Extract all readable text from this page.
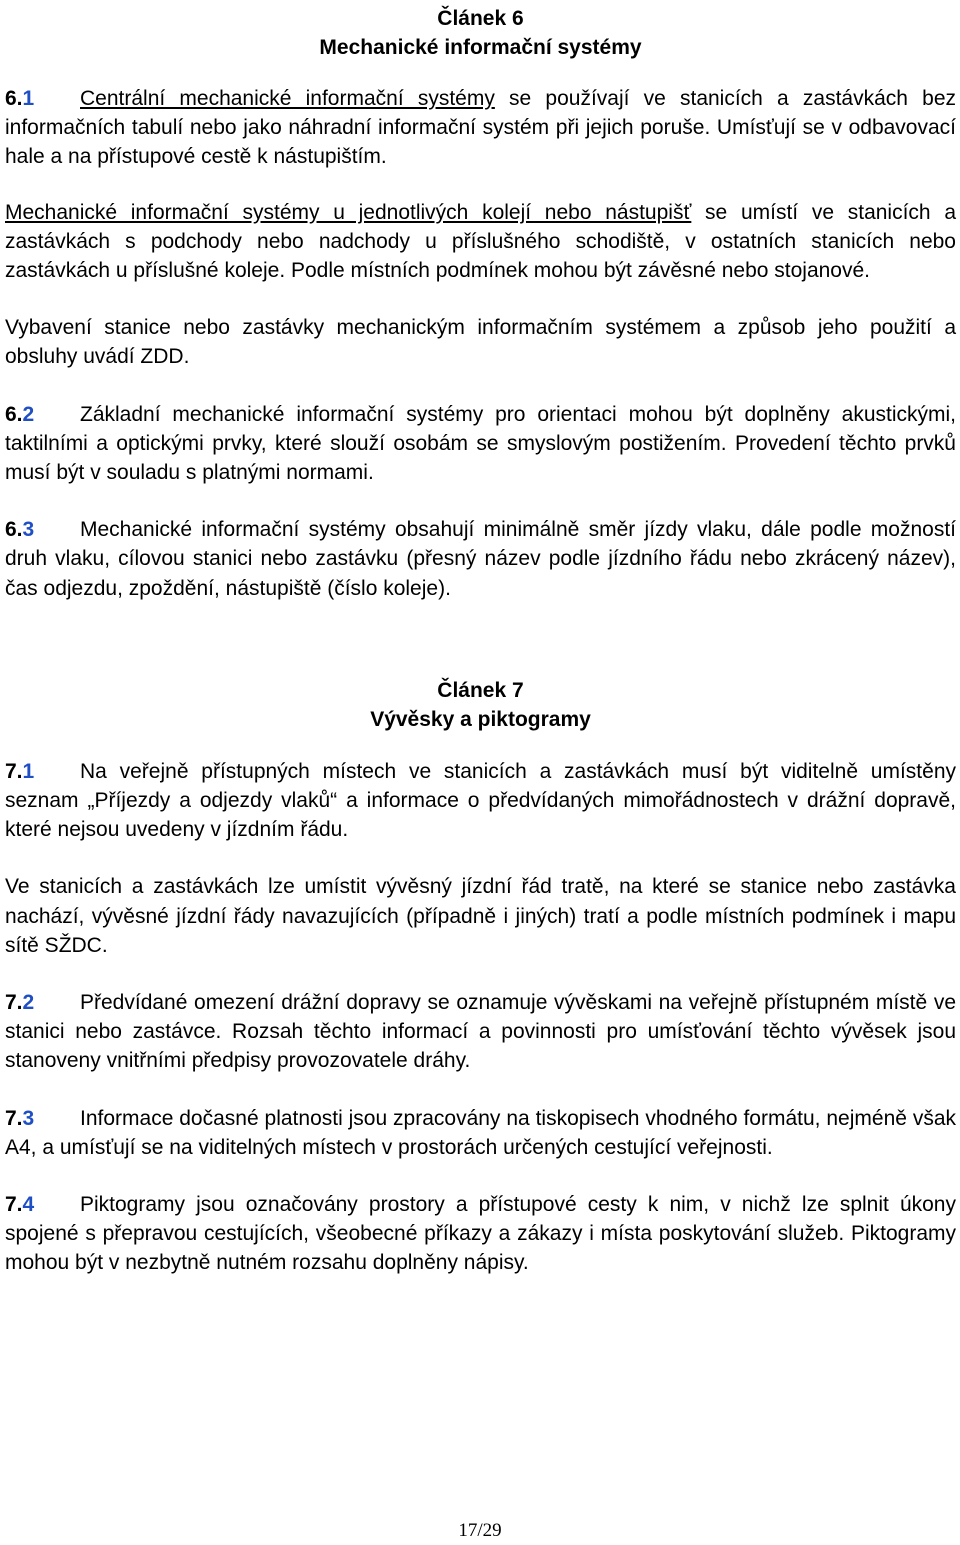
Článek 6

Mechanické informační systémy

6.1 Centrální mechanické informační systémy se používají ve stanicích a zastávkách bez informačních tabulí nebo jako náhradní informační systém při jejich poruše. Umísťují se v odbavovací hale a na přístupové cestě k nástupištím.

Mechanické informační systémy u jednotlivých kolejí nebo nástupišť se umístí ve stanicích a zastávkách s podchody nebo nadchody u příslušného schodiště, v ostatních stanicích nebo zastávkách u příslušné koleje. Podle místních podmínek mohou být závěsné nebo stojanové.

Vybavení stanice nebo zastávky mechanickým informačním systémem a způsob jeho použití a obsluhy uvádí ZDD.

6.2 Základní mechanické informační systémy pro orientaci mohou být doplněny akustickými, taktilními a optickými prvky, které slouží osobám se smyslovým postižením. Provedení těchto prvků musí být v souladu s platnými normami.

6.3 Mechanické informační systémy obsahují minimálně směr jízdy vlaku, dále podle možností druh vlaku, cílovou stanici nebo zastávku (přesný název podle jízdního řádu nebo zkrácený název), čas odjezdu, zpoždění, nástupiště (číslo koleje).

Článek 7

Vývěsky a piktogramy

7.1 Na veřejně přístupných místech ve stanicích a zastávkách musí být viditelně umístěny seznam „Příjezdy a odjezdy vlaků“ a informace o předvídaných mimořádnostech v drážní dopravě, které nejsou uvedeny v jízdním řádu.

Ve stanicích a zastávkách lze umístit vývěsný jízdní řád tratě, na které se stanice nebo zastávka nachází, vývěsné jízdní řády navazujících (případně i jiných) tratí a podle místních podmínek i mapu sítě SŽDC.

7.2 Předvídané omezení drážní dopravy se oznamuje vývěskami na veřejně přístupném místě ve stanici nebo zastávce. Rozsah těchto informací a povinnosti pro umísťování těchto vývěsek jsou stanoveny vnitřními předpisy provozovatele dráhy.

7.3 Informace dočasné platnosti jsou zpracovány na tiskopisech vhodného formátu, nejméně však A4, a umísťují se na viditelných místech v prostorách určených cestující veřejnosti.

7.4 Piktogramy jsou označovány prostory a přístupové cesty k nim, v nichž lze splnit úkony spojené s přepravou cestujících, všeobecné příkazy a zákazy i místa poskytování služeb. Piktogramy mohou být v nezbytně nutném rozsahu doplněny nápisy.

17/29
